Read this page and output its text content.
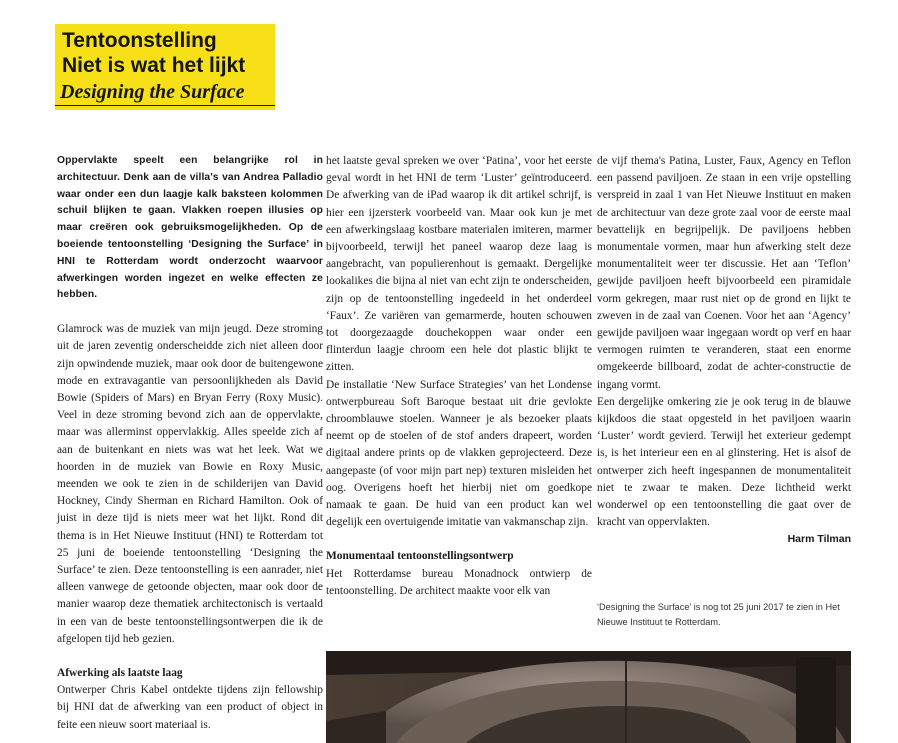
Tentoonstelling
Niet is wat het lijkt
Designing the Surface

Oppervlakte speelt een belangrijke rol in architectuur. Denk aan de villa's van Andrea Palladio waar onder een dun laagje kalk baksteen kolommen schuil blijken te gaan. Vlakken roepen illusies op maar creëren ook gebruiksmogelijkheden. Op de boeiende tentoonstelling ‘Designing the Surface’ in HNI te Rotterdam wordt onderzocht waarvoor afwerkingen worden ingezet en welke effecten ze hebben.

Glamrock was de muziek van mijn jeugd. Deze stroming uit de jaren zeventig onderscheidde zich niet alleen door zijn opwindende muziek, maar ook door de buitengewone mode en extravagantie van persoonlijkheden als David Bowie (Spiders of Mars) en Bryan Ferry (Roxy Music). Veel in deze stroming bevond zich aan de oppervlakte, maar was allerminst oppervlakkig. Alles speelde zich af aan de buitenkant en niets was wat het leek. Wat we hoorden in de muziek van Bowie en Roxy Music, meenden we ook te zien in de schilderijen van David Hockney, Cindy Sherman en Richard Hamilton. Ook of juist in deze tijd is niets meer wat het lijkt. Rond dit thema is in Het Nieuwe Instituut (HNI) te Rotterdam tot 25 juni de boeiende tentoonstelling ‘Designing the Surface’ te zien. Deze tentoonstelling is een aanrader, niet alleen vanwege de getoonde objecten, maar ook door de manier waarop deze thematiek architectonisch is vertaald in een van de beste tentoonstellingsontwerpen die ik de afgelopen tijd heb gezien.

Afwerking als laatste laag

Ontwerper Chris Kabel ontdekte tijdens zijn fellowship bij HNI dat de afwerking van een product of object in feite een nieuw soort materiaal is.

het laatste geval spreken we over ‘Patina’, voor het eerste geval wordt in het HNI de term ‘Luster’ geïntroduceerd. De afwerking van de iPad waarop ik dit artikel schrijf, is hier een ijzersterk voorbeeld van. Maar ook kun je met een afwerkingslaag kostbare materialen imiteren, marmer bijvoorbeeld, terwijl het paneel waarop deze laag is aangebracht, van populierenhout is gemaakt. Dergelijke lookalikes die bijna al niet van echt zijn te onderscheiden, zijn op de tentoonstelling ingedeeld in het onderdeel ‘Faux’. Ze variëren van gemarmerde, houten schouwen tot doorgezaagde douchekoppen waar onder een flinterdun laagje chroom een hele dot plastic blijkt te zitten.

De installatie ‘New Surface Strategies’ van het Londense ontwerpbureau Soft Baroque bestaat uit drie gevlokte chroomblauwe stoelen. Wanneer je als bezoeker plaats neemt op de stoelen of de stof anders drapeert, worden digitaal andere prints op de vlakken geprojecteerd. Deze aangepaste (of voor mijn part nep) texturen misleiden het oog. Overigens hoeft het hierbij niet om goedkope namaak te gaan. De huid van een product kan wel degelijk een overtuigende imitatie van vakmanschap zijn.

Monumentaal tentoonstellingsontwerp

Het Rotterdamse bureau Monadnock ontwierp de tentoonstelling. De architect maakte voor elk van

de vijf thema's Patina, Luster, Faux, Agency en Teflon een passend paviljoen. Ze staan in een vrije opstelling verspreid in zaal 1 van Het Nieuwe Instituut en maken de architectuur van deze grote zaal voor de eerste maal bevattelijk en begrijpelijk. De paviljoens hebben monumentale vormen, maar hun afwerking stelt deze monumentaliteit weer ter discussie. Het aan ‘Teflon’ gewijde paviljoen heeft bijvoorbeeld een piramidale vorm gekregen, maar rust niet op de grond en lijkt te zweven in de zaal van Coenen. Voor het aan ‘Agency’ gewijde paviljoen waar ingegaan wordt op verf en haar vermogen ruimten te veranderen, staat een enorme omgekeerde billboard, zodat de achter-constructie de ingang vormt.

Een dergelijke omkering zie je ook terug in de blauwe kijkdoos die staat opgesteld in het paviljoen waarin ‘Luster’ wordt gevierd. Terwijl het exterieur gedempt is, is het interieur een en al glinstering. Het is alsof de ontwerper zich heeft ingespannen de monumentaliteit niet te zwaar te maken. Deze lichtheid werkt wonderwel op een tentoonstelling die gaat over de kracht van oppervlakten.

Harm Tilman

‘Designing the Surface’ is nog tot 25 juni 2017 te zien in Het Nieuwe Instituut te Rotterdam.
